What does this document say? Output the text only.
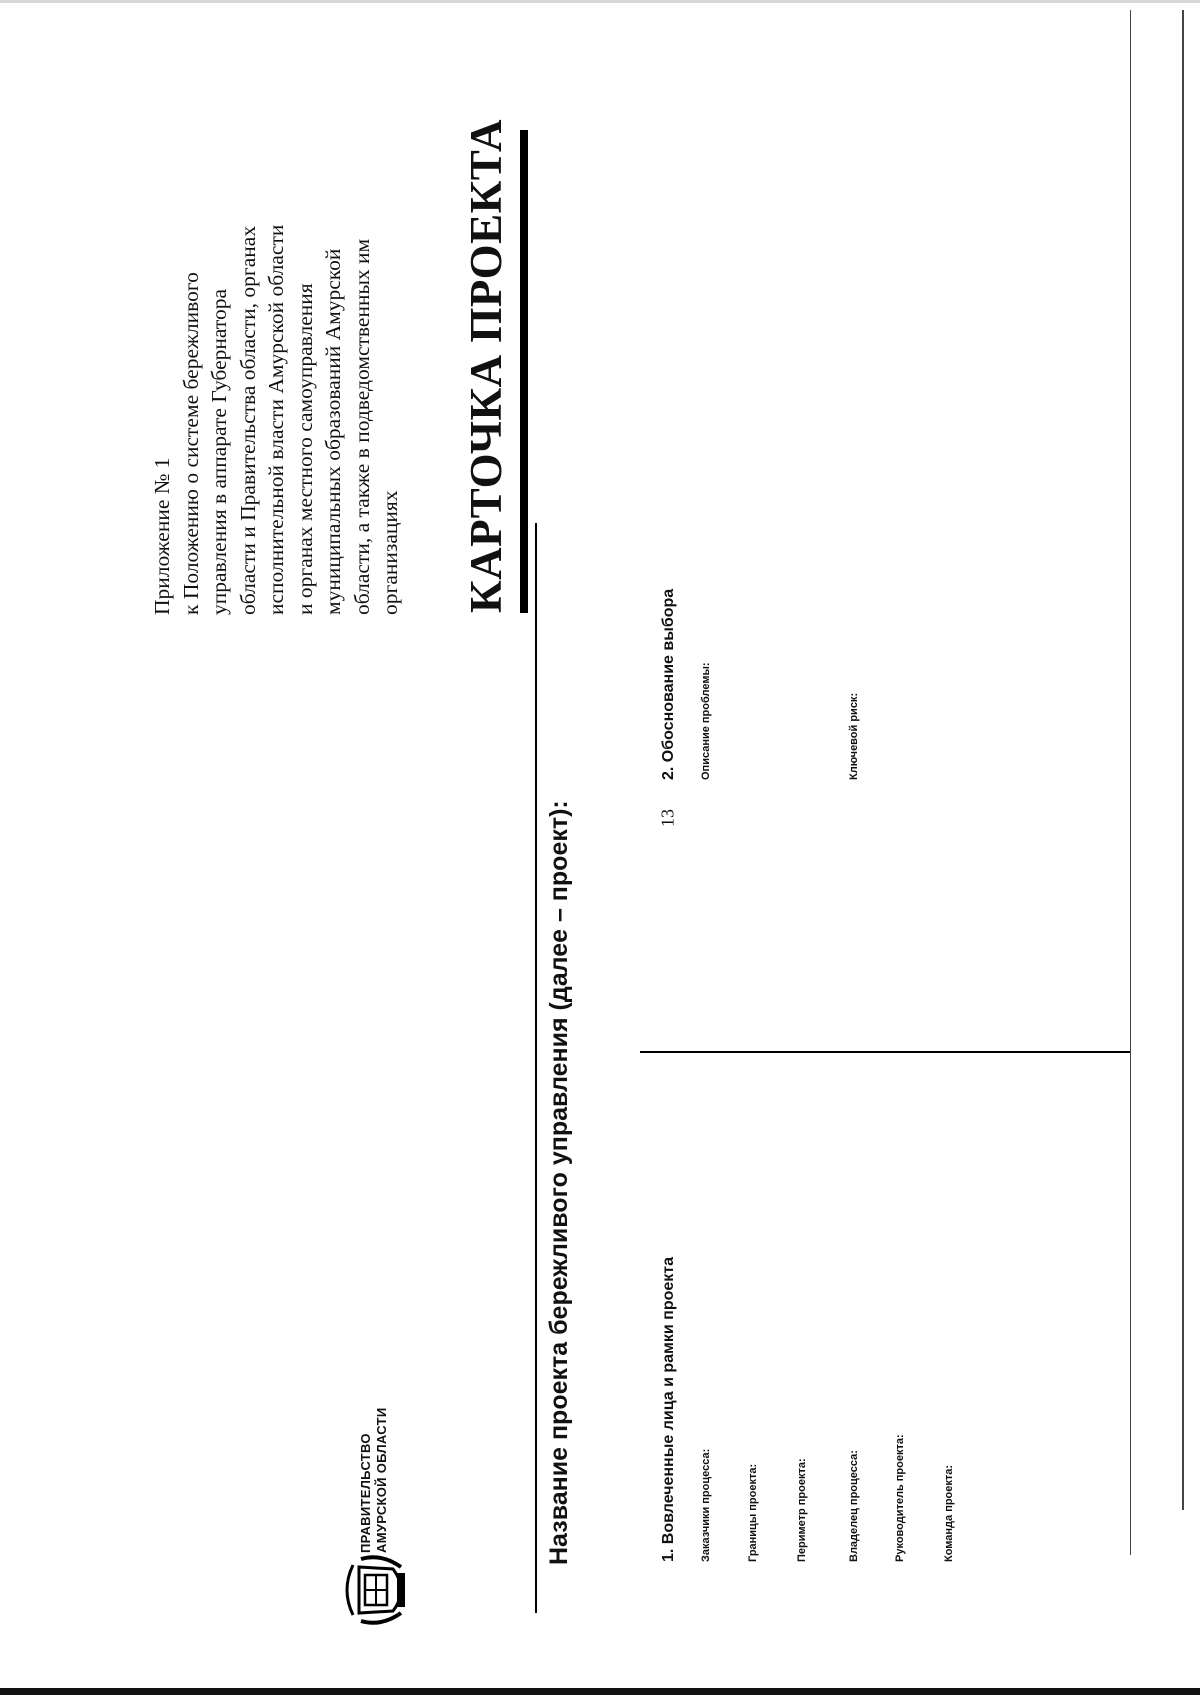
13
ПРАВИТЕЛЬСТВО АМУРСКОЙ ОБЛАСТИ
Приложение № 1 к Положению о системе бережливого управления в аппарате Губернатора области и Правительства области, органах исполнительной власти Амурской области и органах местного самоуправления муниципальных образований Амурской области, а также в подведомственных им организациях КАРТОЧКА ПРОЕКТА
Название проекта бережливого управления (далее – проект):	1. Вовлеченные лица и рамки проекта Заказчики процесса:	Границы проекта:	Периметр проекта:	Владелец процесса:	Руководитель проекта:	Команда проекта:
2. Обоснование выбора Описание проблемы:	Ключевой риск:
